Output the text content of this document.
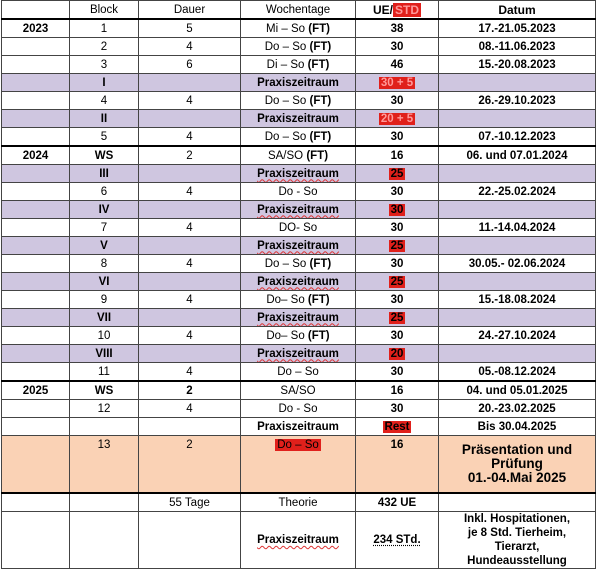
	Block	Dauer	Wochentage	UE/ STD	Datum
2023	1	5	Mi – So (FT)	38	17.-21.05.2023
	2	4	Do – So (FT)	30	08.-11.06.2023
	3	6	Di – So (FT)	46	15.-20.08.2023
	I		Praxiszeitraum	30 + 5	
	4	4	Do – So (FT)	30	26.-29.10.2023
	II		Praxiszeitraum	20 + 5	
	5	4	Do – So (FT)	30	07.-10.12.2023
2024	WS	2	SA/SO (FT)	16	06. und 07.01.2024
	III		Praxiszeitraum	25	
	6	4	Do - So	30	22.-25.02.2024
	IV		Praxiszeitraum	30	
	7	4	DO- So	30	11.-14.04.2024
	V		Praxiszeitraum	25	
	8	4	Do – So (FT)	30	30.05.- 02.06.2024
	VI		Praxiszeitraum	25	
	9	4	Do– So (FT)	30	15.-18.08.2024
	VII		Praxiszeitraum	25	
	10	4	Do– So (FT)	30	24.-27.10.2024
	VIII		Praxiszeitraum	20	
	11	4	Do – So	30	05.-08.12.2024
2025	WS	2	SA/SO	16	04. und 05.01.2025
	12	4	Do - So	30	20.-23.02.2025
			Praxiszeitraum	Rest	Bis 30.04.2025
	13	2	Do – So	16	Präsentation und
Prüfung
01.-04.Mai 2025

		55 Tage	Theorie	432 UE	
			Praxiszeitraum	234 STd.	Inkl. Hospitationen,
je 8 Std. Tierheim,
Tierarzt,
Hundeausstellung
